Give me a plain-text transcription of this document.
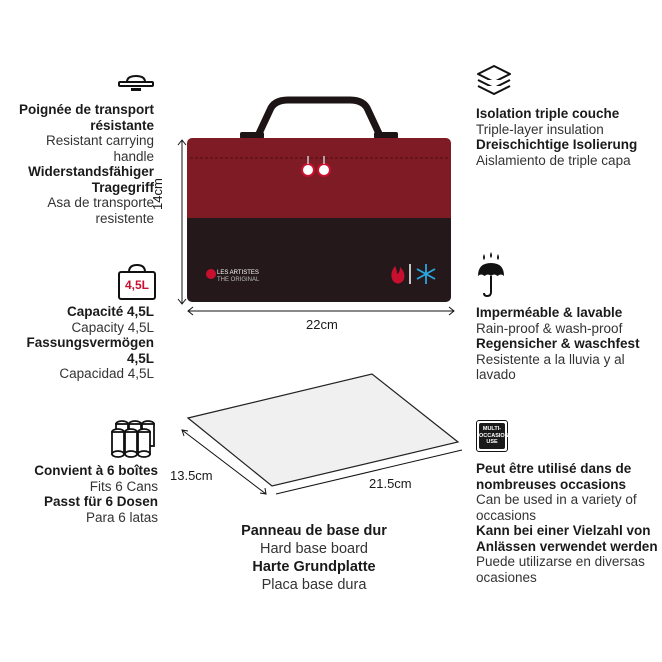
Poignée de transport résistante
Resistant carrying handle
Widerstandsfähiger Tragegriff
Asa de transporte resistente
4,5L
Capacité 4,5L
Capacity 4,5L
Fassungsvermögen 4,5L
Capacidad 4,5L
Convient à 6 boîtes
Fits 6 Cans
Passt für 6 Dosen
Para 6 latas
14cm
LES ARTISTES
THE ORIGINAL
22cm
13.5cm
21.5cm
Panneau de base dur
Hard base board
Harte Grundplatte
Placa base dura
Isolation triple couche
Triple-layer insulation
Dreischichtige Isolierung
Aislamiento de triple capa
Imperméable & lavable
Rain-proof & wash-proof
Regensicher & waschfest
Resistente a la lluvia y al lavado
MULTI-
OCCASION
USE
Peut être utilisé dans de nombreuses occasions
Can be used in a variety of occasions
Kann bei einer Vielzahl von Anlässen verwendet werden
Puede utilizarse en diversas ocasiones
